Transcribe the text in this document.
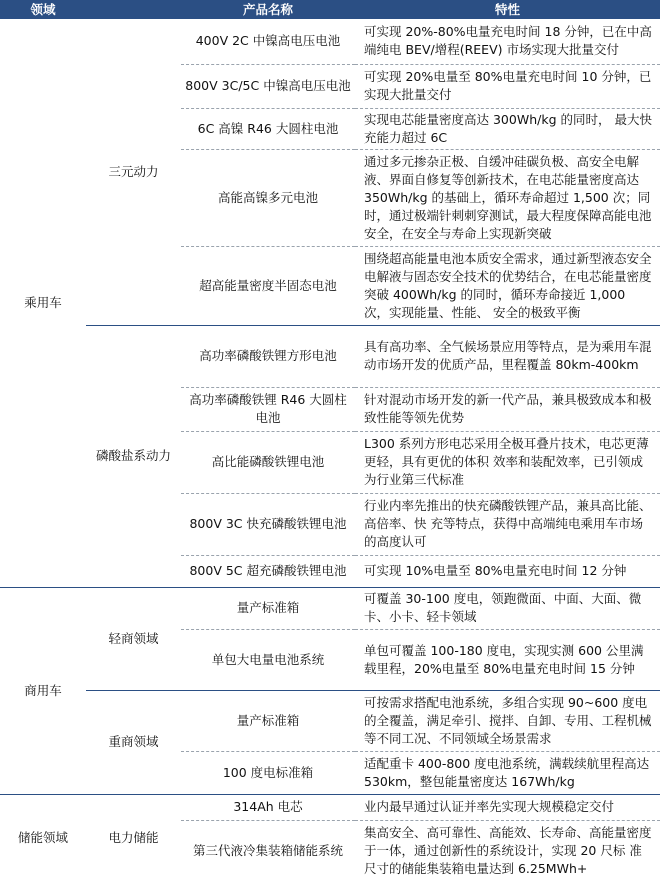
领域		产品名称	特性
乘用车	三元动力	400V 2C 中镍高电压电池	可实现 20%-80%电量充电时间 18 分钟，已在中高端纯电 BEV/增程(REEV) 市场实现大批量交付
		800V 3C/5C 中镍高电压电池	可实现 20%电量至 80%电量充电时间 10 分钟，已实现大批量交付
		6C 高镍 R46 大圆柱电池	实现电芯能量密度高达 300Wh/kg 的同时， 最大快充能力超过 6C
		高能高镍多元电池	通过多元掺杂正极、自缓冲硅碳负极、高安全电解液、界面自修复等创新技术，在电芯能量密度高达 350Wh/kg 的基础上，循环寿命超过 1,500 次；同时，通过极端针刺刺穿测试，最大程度保障高能电池安全，在安全与寿命上实现新突破
		超高能量密度半固态电池	围绕超高能量电池本质安全需求，通过新型液态安全电解液与固态安全技术的优势结合，在电芯能量密度突破 400Wh/kg 的同时，循环寿命接近 1,000 次，实现能量、性能、 安全的极致平衡
	磷酸盐系动力	高功率磷酸铁锂方形电池	具有高功率、全气候场景应用等特点，是为乘用车混动市场开发的优质产品，里程覆盖 80km-400km
		高功率磷酸铁锂 R46 大圆柱电池	针对混动市场开发的新一代产品，兼具极致成本和极致性能等领先优势
		高比能磷酸铁锂电池	L300 系列方形电芯采用全极耳叠片技术，电芯更薄更轻，具有更优的体积 效率和装配效率，已引领成为行业第三代标准
		800V 3C 快充磷酸铁锂电池	行业内率先推出的快充磷酸铁锂产品，兼具高比能、高倍率、快 充等特点，获得中高端纯电乘用车市场的高度认可
		800V 5C 超充磷酸铁锂电池	可实现 10%电量至 80%电量充电时间 12 分钟
商用车	轻商领域	量产标准箱	可覆盖 30-100 度电，领跑微面、中面、大面、微卡、小卡、轻卡领域
		单包大电量电池系统	单包可覆盖 100-180 度电，实现实测 600 公里满载里程，20%电量至 80%电量充电时间 15 分钟
	重商领域	量产标准箱	可按需求搭配电池系统，多组合实现 90~600 度电的全覆盖，满足牵引、搅拌、自卸、专用、工程机械等不同工况、不同领域全场景需求
		100 度电标准箱	适配重卡 400-800 度电池系统，满载续航里程高达 530km，整包能量密度达 167Wh/kg
储能领域	电力储能	314Ah 电芯	业内最早通过认证并率先实现大规模稳定交付
		第三代液冷集装箱储能系统	集高安全、高可靠性、高能效、长寿命、高能量密度于一体，通过创新性的系统设计，实现 20 尺标 准尺寸的储能集装箱电量达到 6.25MWh+
